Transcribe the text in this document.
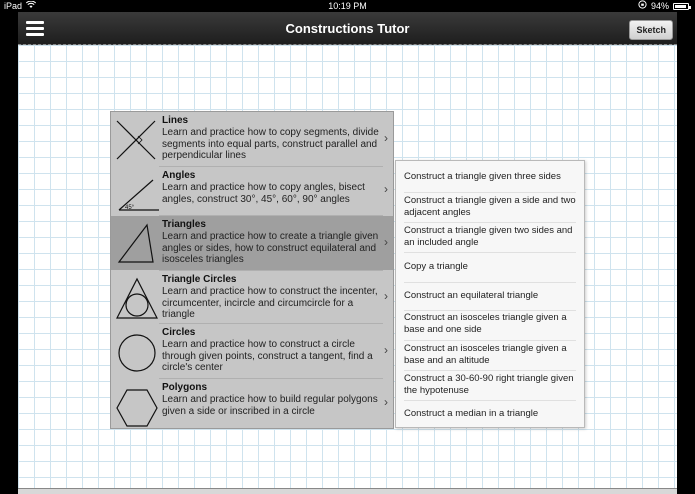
iPad	10:19 PM	94%
Constructions Tutor	Sketch
Lines
Learn and practice how to copy segments, divide segments into equal parts, construct parallel and perpendicular lines
›
45°
Angles
Learn and practice how to copy angles, bisect angles, construct 30°, 45°, 60°, 90° angles
›
Triangles
Learn and practice how to create a triangle given angles or sides, how to construct equilateral and isosceles triangles
›
Triangle Circles
Learn and practice how to construct the incenter, circumcenter, incircle and circumcircle for a triangle
›
Circles
Learn and practice how to construct a circle through given points, construct a tangent, find a circle's center
›
Polygons
Learn and practice how to build regular polygons given a side or inscribed in a circle
›
Construct a triangle given three sides
Construct a triangle given a side and two adjacent angles
Construct a triangle given two sides and an included angle
Copy a triangle
Construct an equilateral triangle
Construct an isosceles triangle given a base and one side
Construct an isosceles triangle given a base and an altitude
Construct a 30-60-90 right triangle given the hypotenuse
Construct a median in a triangle
